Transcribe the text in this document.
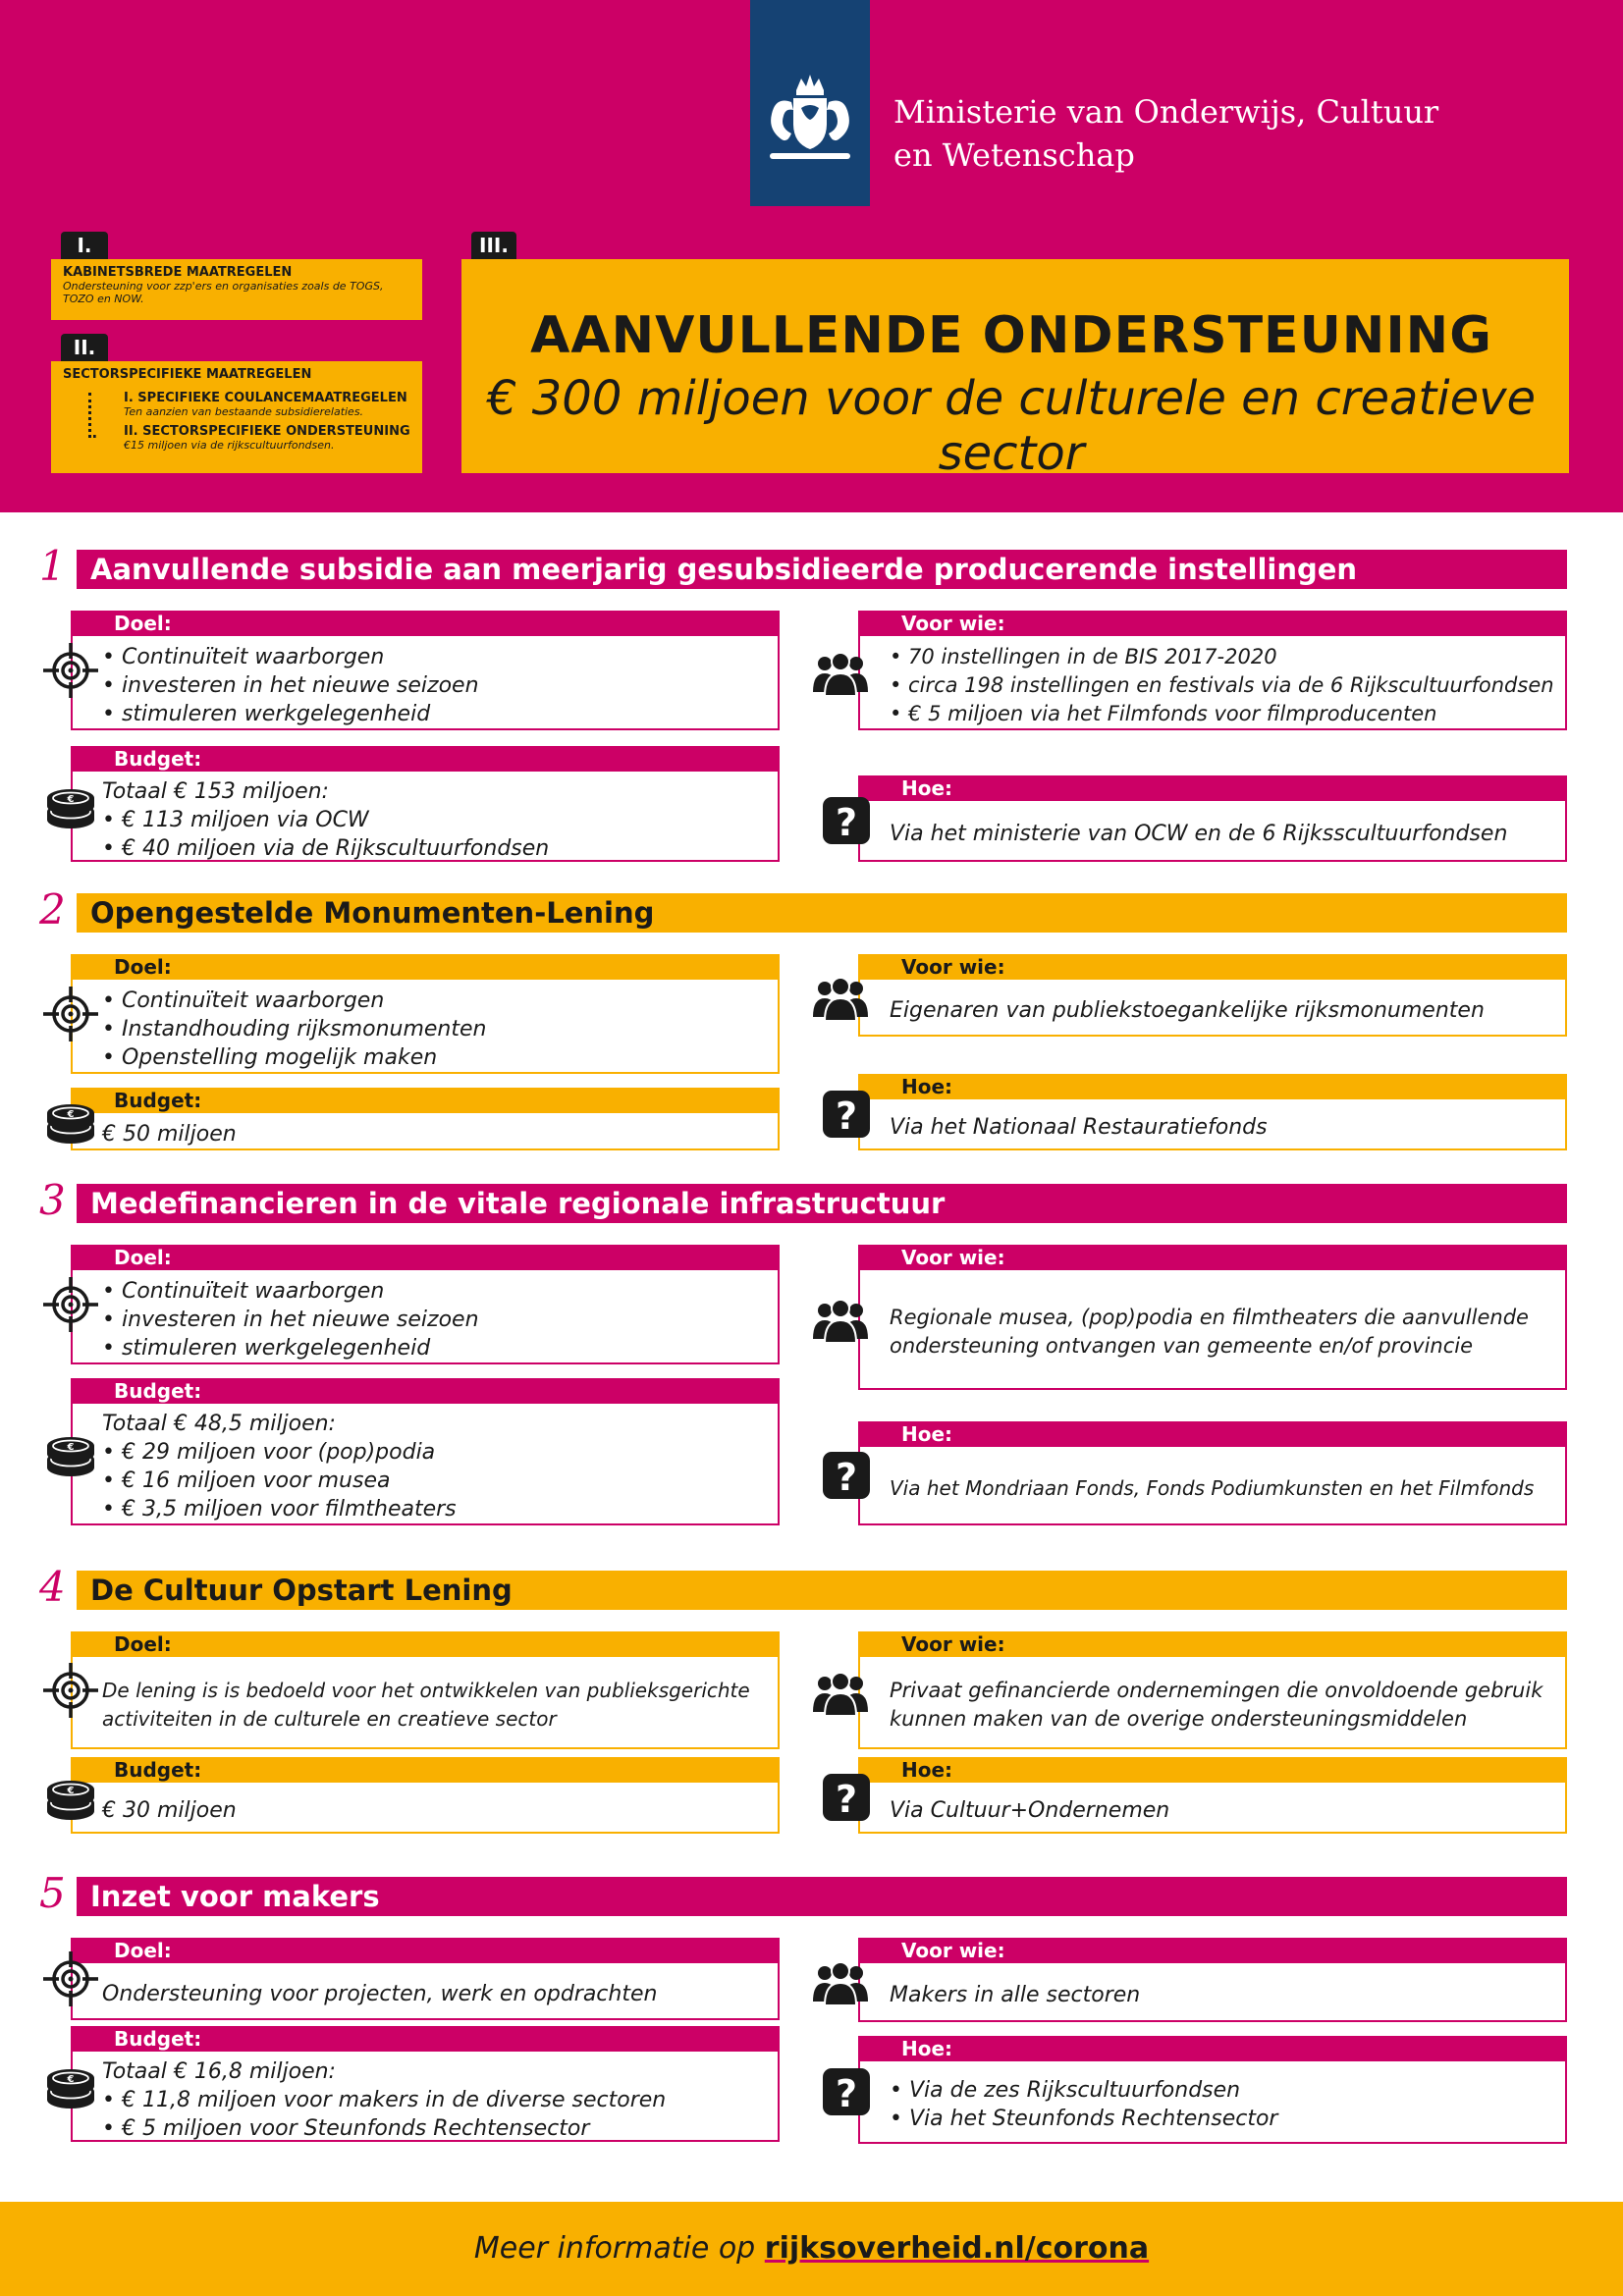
Ministerie van Onderwijs, Cultuur en Wetenschap
I.
KABINETSBREDE MAATREGELEN
Ondersteuning voor zzp'ers en organisaties zoals de TOGS, TOZO en NOW.
II.
SECTORSPECIFIEKE MAATREGELEN
I. SPECIFIEKE COULANCEMAATREGELEN
Ten aanzien van bestaande subsidierelaties.
II. SECTORSPECIFIEKE ONDERSTEUNING
€15 miljoen via de rijkscultuurfondsen.
III.
AANVULLENDE ONDERSTEUNING
€ 300 miljoen voor de culturele en creatieve sector
1 Aanvullende subsidie aan meerjarig gesubsidieerde producerende instellingen
Doel:
• Continuïteit waarborgen
• investeren in het nieuwe seizoen
• stimuleren werkgelegenheid
Budget:
Totaal € 153 miljoen:
• € 113 miljoen via OCW
• € 40 miljoen via de Rijkscultuurfondsen
Voor wie:
• 70 instellingen in de BIS 2017-2020
• circa 198 instellingen en festivals via de 6 Rijkscultuurfondsen
• € 5 miljoen via het Filmfonds voor filmproducenten
Hoe:
Via het ministerie van OCW en de 6 Rijksscultuurfondsen
2 Opengestelde Monumenten-Lening
Doel:
• Continuïteit waarborgen
• Instandhouding rijksmonumenten
• Openstelling mogelijk maken
Budget:
€ 50 miljoen
Voor wie:
Eigenaren van publiekstoegankelijke rijksmonumenten
Hoe:
Via het Nationaal Restauratiefonds
3 Medefinancieren in de vitale regionale infrastructuur
Doel:
• Continuïteit waarborgen
• investeren in het nieuwe seizoen
• stimuleren werkgelegenheid
Budget:
Totaal € 48,5 miljoen:
• € 29 miljoen voor (pop)podia
• € 16 miljoen voor musea
• € 3,5 miljoen voor filmtheaters
Voor wie:
Regionale musea, (pop)podia en filmtheaters die aanvullende
ondersteuning ontvangen van gemeente en/of provincie
Hoe:
Via het Mondriaan Fonds, Fonds Podiumkunsten en het Filmfonds
4 De Cultuur Opstart Lening
Doel:
De lening is is bedoeld voor het ontwikkelen van publieksgerichte
activiteiten in de culturele en creatieve sector
Budget:
€ 30 miljoen
Voor wie:
Privaat gefinancierde ondernemingen die onvoldoende gebruik
kunnen maken van de overige ondersteuningsmiddelen
Hoe:
Via Cultuur+Ondernemen
5 Inzet voor makers
Doel:
Ondersteuning voor projecten, werk en opdrachten
Budget:
Totaal € 16,8 miljoen:
• € 11,8 miljoen voor makers in de diverse sectoren
• € 5 miljoen voor Steunfonds Rechtensector
Voor wie:
Makers in alle sectoren
Hoe:
• Via de zes Rijkscultuurfondsen
• Via het Steunfonds Rechtensector
Meer informatie op rijksoverheid.nl/corona
